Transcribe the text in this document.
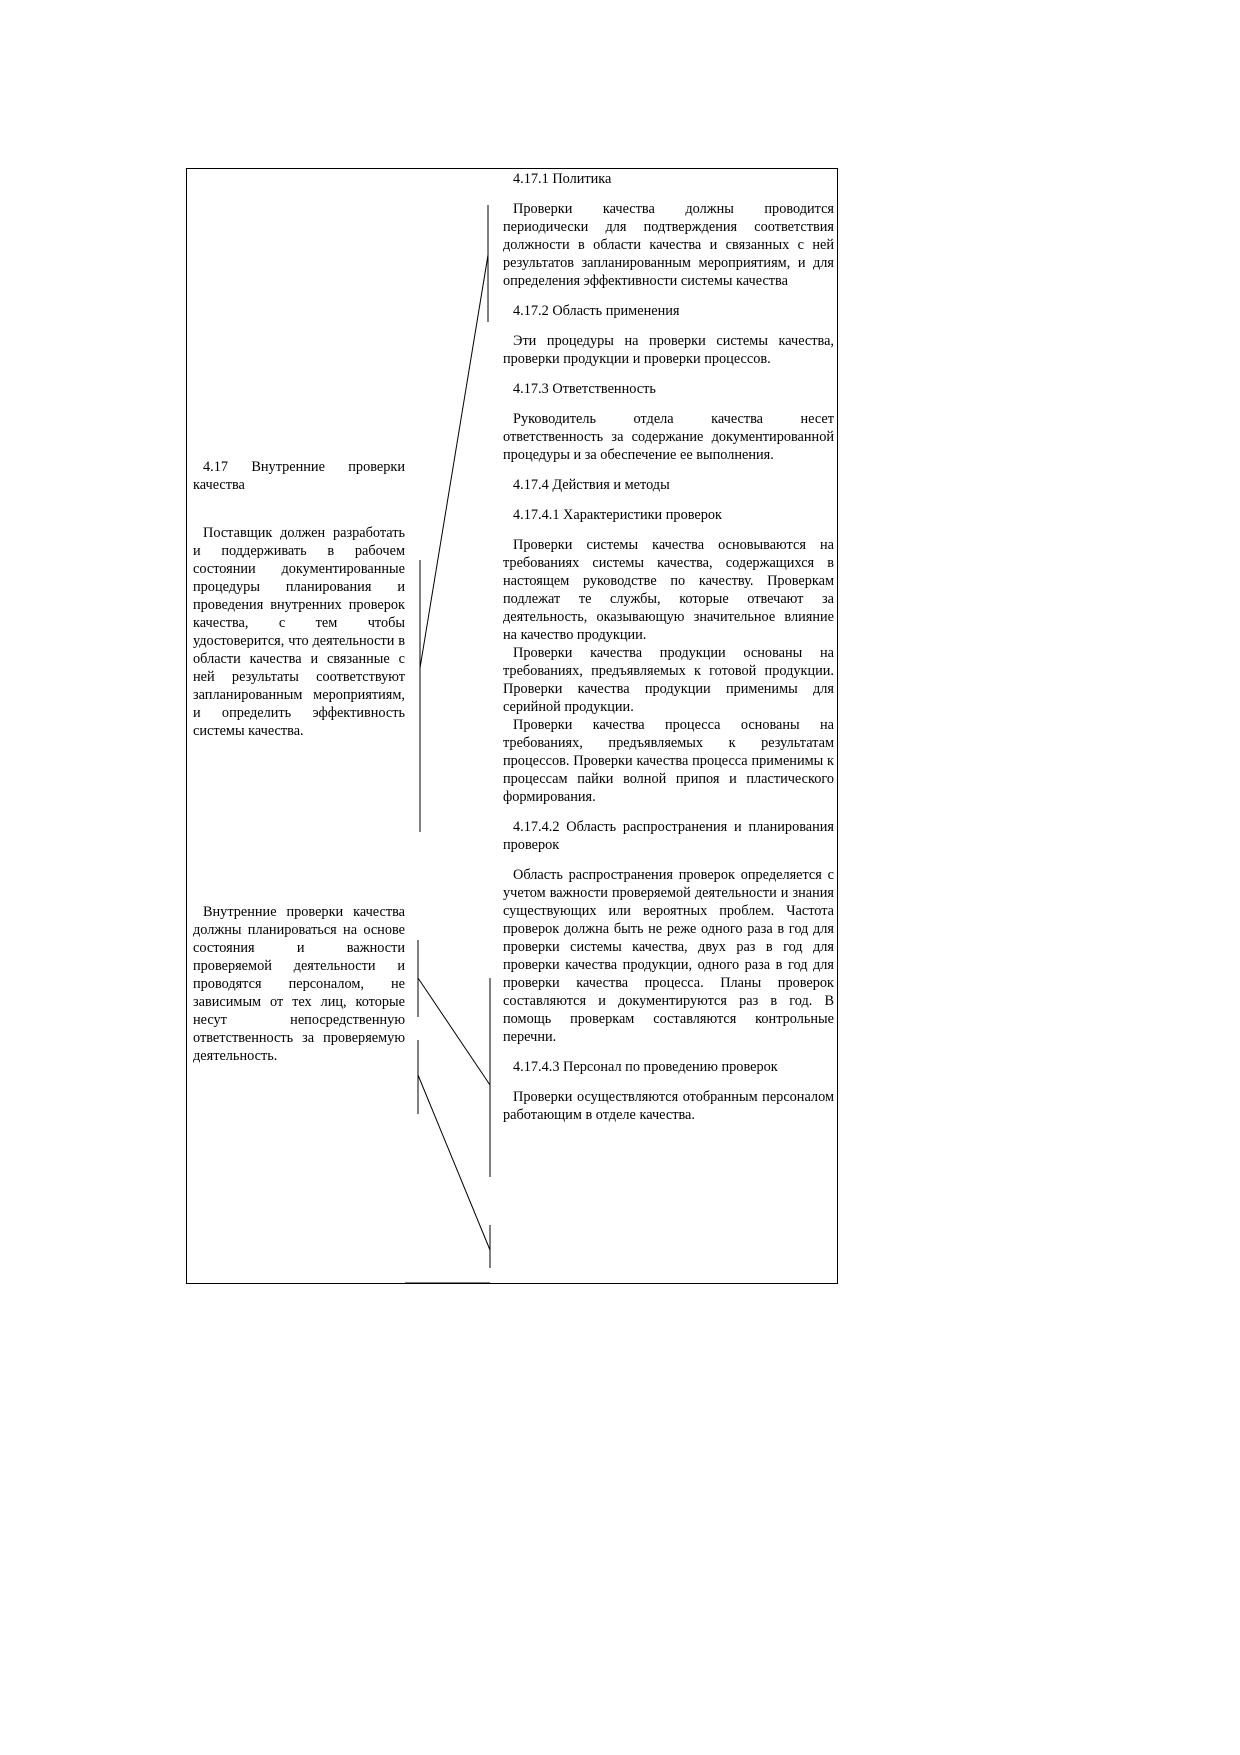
4.17 Внутренние проверки качества

Поставщик должен разработать и поддерживать в рабочем состоянии документированные процедуры планирования и проведения внутренних проверок качества, с тем чтобы удостоверится, что деятельности в области качества и связанные с ней результаты соответствуют запланированным мероприятиям, и определить эффективность системы качества.

Внутренние проверки качества должны планироваться на основе состояния и важности проверяемой деятельности и проводятся персоналом, не зависимым от тех лиц, которые несут непосредственную ответственность за проверяемую деятельность.

4.17.1 Политика

Проверки качества должны проводится периодически для подтверждения соответствия должности в области качества и связанных с ней результатов запланированным мероприятиям, и для определения эффективности системы качества

4.17.2 Область применения

Эти процедуры на проверки системы качества, проверки продукции и проверки процессов.

4.17.3 Ответственность

Руководитель отдела качества несет ответственность за содержание документированной процедуры и за обеспечение ее выполнения.

4.17.4 Действия и методы

4.17.4.1 Характеристики проверок

Проверки системы качества основываются на требованиях системы качества, содержащихся в настоящем руководстве по качеству. Проверкам подлежат те службы, которые отвечают за деятельность, оказывающую значительное влияние на качество продукции.

Проверки качества продукции основаны на требованиях, предъявляемых к готовой продукции. Проверки качества продукции применимы для серийной продукции.

Проверки качества процесса основаны на требованиях, предъявляемых к результатам процессов. Проверки качества процесса применимы к процессам пайки волной припоя и пластического формирования.

4.17.4.2 Область распространения и планирования проверок

Область распространения проверок определяется с учетом важности проверяемой деятельности и знания существующих или вероятных проблем. Частота проверок должна быть не реже одного раза в год для проверки системы качества, двух раз в год для проверки качества продукции, одного раза в год для проверки качества процесса. Планы проверок составляются и документируются раз в год. В помощь проверкам составляются контрольные перечни.

4.17.4.3 Персонал по проведению проверок

Проверки осуществляются отобранным персоналом работающим в отделе качества.
